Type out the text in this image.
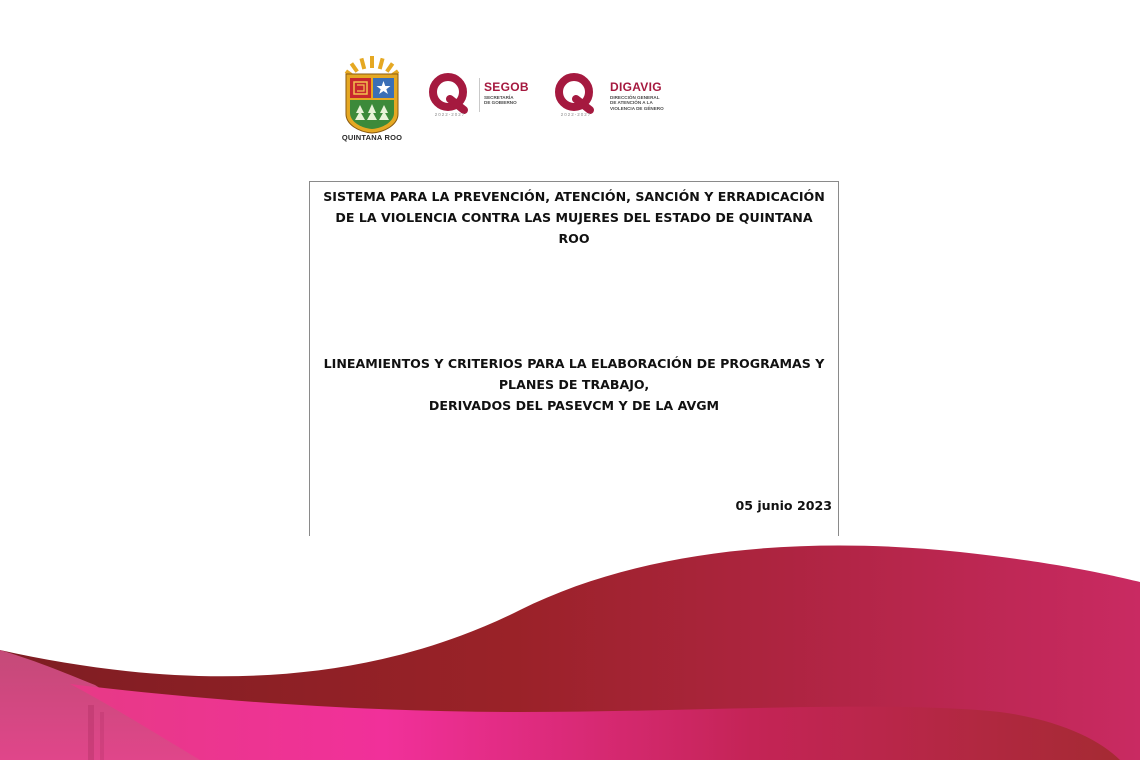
QUINTANA ROO
2022-2027
SEGOB
SECRETARÍA
DE GOBIERNO
2022-2027
DIGAVIG
DIRECCIÓN GENERAL
DE ATENCIÓN A LA
VIOLENCIA DE GÉNERO
SISTEMA PARA LA PREVENCIÓN, ATENCIÓN, SANCIÓN Y ERRADICACIÓN
DE LA VIOLENCIA CONTRA LAS MUJERES DEL ESTADO DE QUINTANA
ROO
LINEAMIENTOS Y CRITERIOS PARA LA ELABORACIÓN DE PROGRAMAS Y
PLANES DE TRABAJO,
DERIVADOS DEL PASEVCM Y DE LA AVGM
05 junio 2023
